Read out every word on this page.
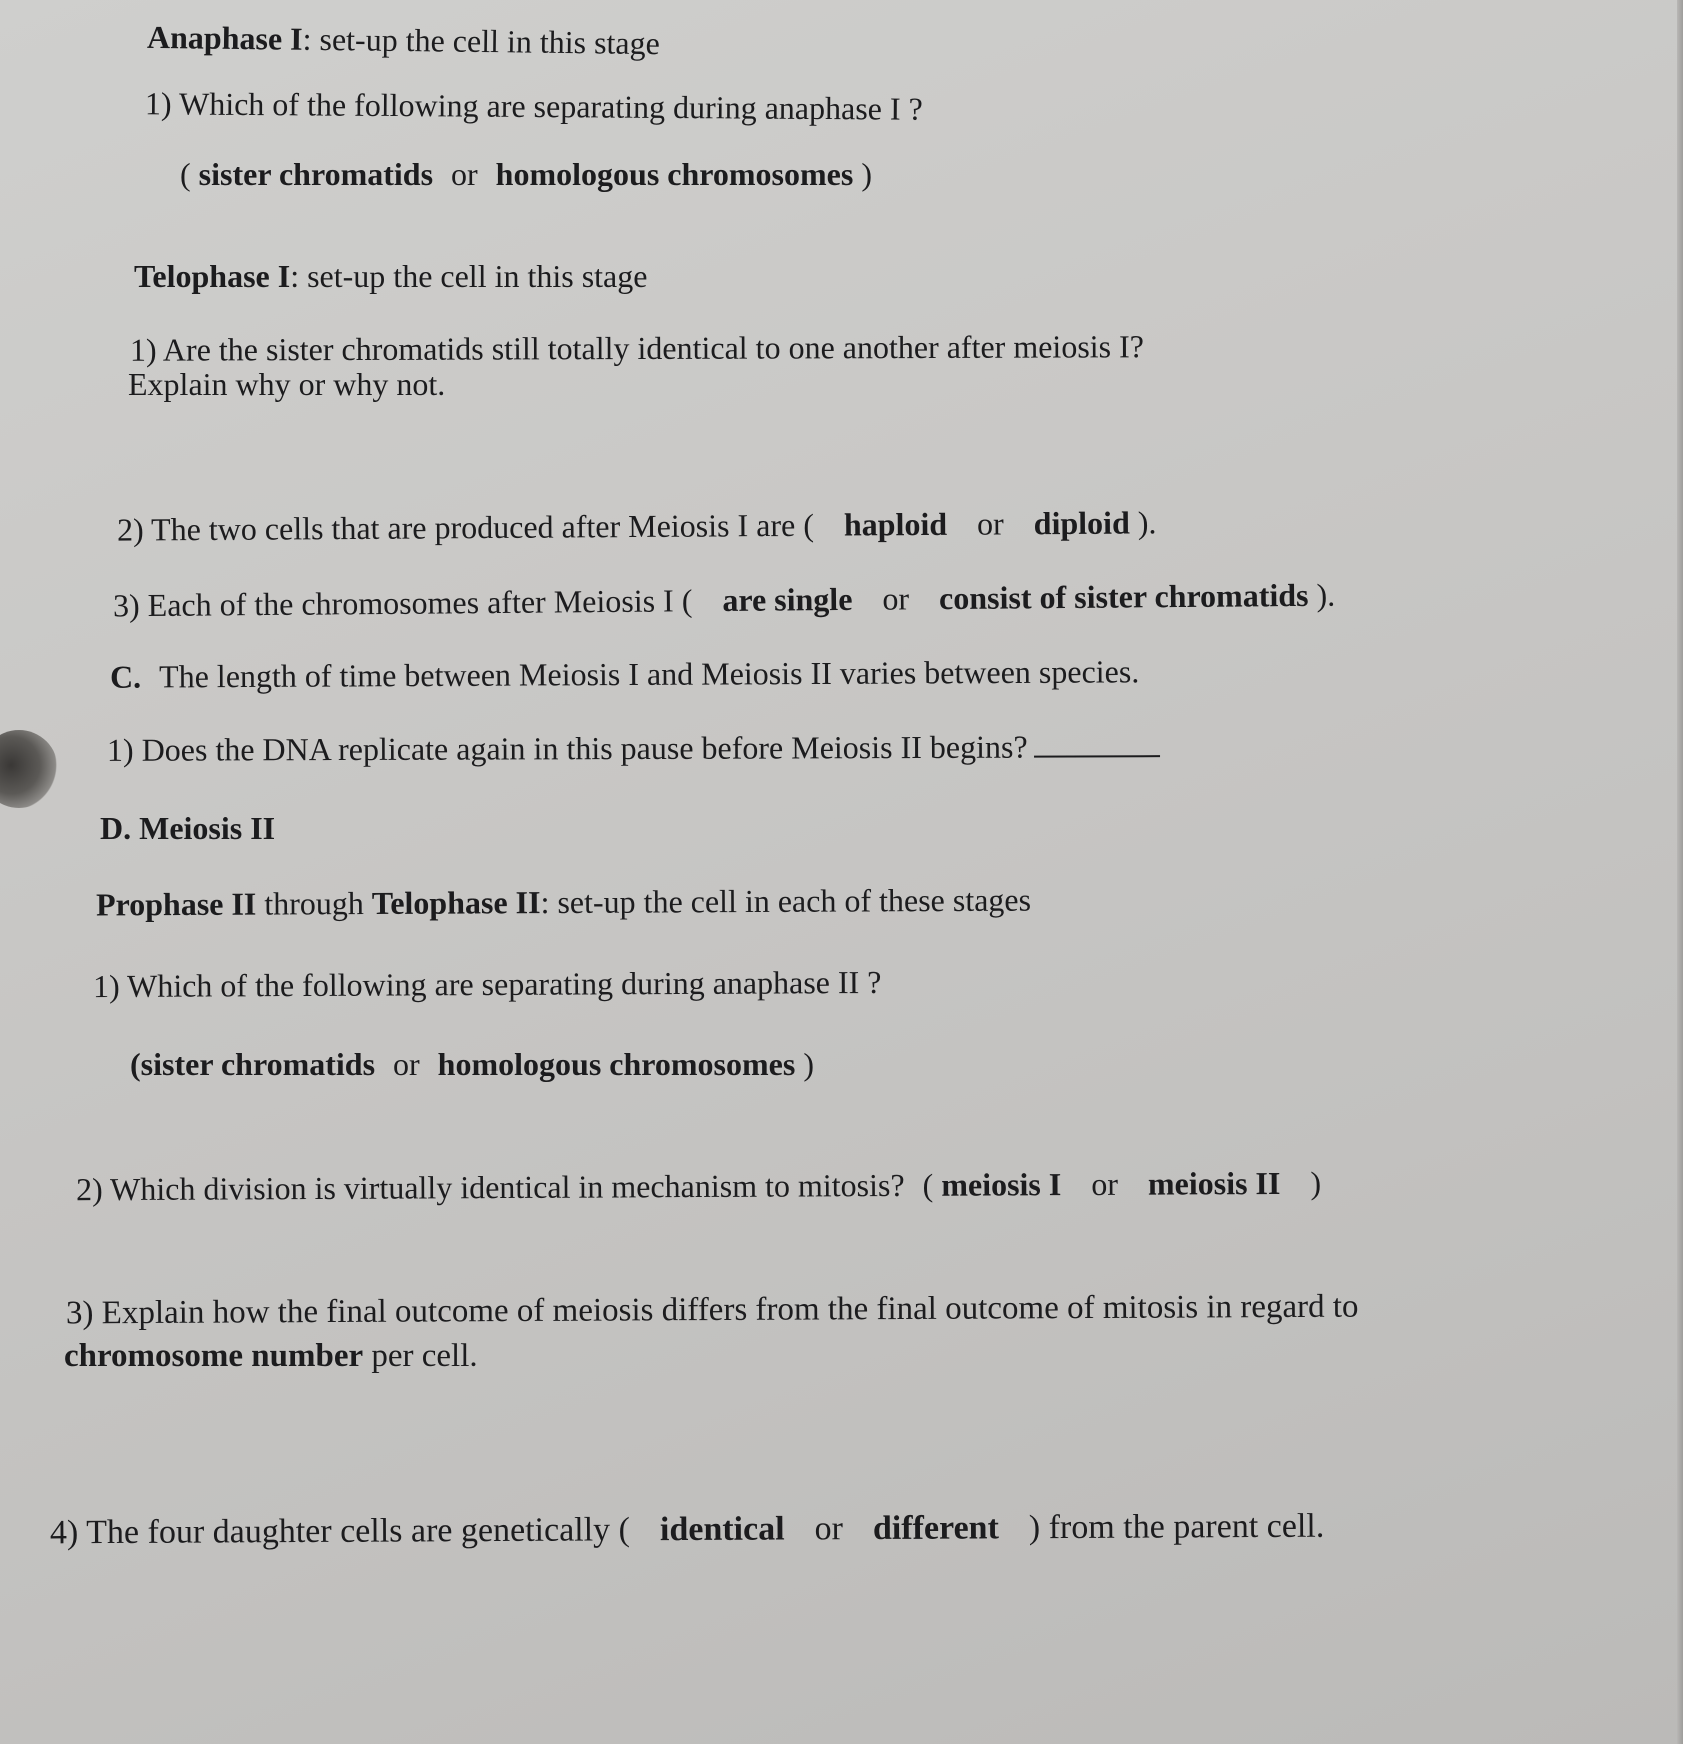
Anaphase I: set-up the cell in this stage
1) Which of the following are separating during anaphase I ?
( sister chromatids or homologous chromosomes )
Telophase I: set-up the cell in this stage
1) Are the sister chromatids still totally identical to one another after meiosis I?
Explain why or why not.
2) The two cells that are produced after Meiosis I are ( haploid or diploid ).
3) Each of the chromosomes after Meiosis I ( are single or consist of sister chromatids ).
C. The length of time between Meiosis I and Meiosis II varies between species.
1) Does the DNA replicate again in this pause before Meiosis II begins?
D. Meiosis II
Prophase II through Telophase II: set-up the cell in each of these stages
1) Which of the following are separating during anaphase II ?
(sister chromatids or homologous chromosomes )
2) Which division is virtually identical in mechanism to mitosis? ( meiosis I or meiosis II )
3) Explain how the final outcome of meiosis differs from the final outcome of mitosis in regard to
chromosome number per cell.
4) The four daughter cells are genetically ( identical or different ) from the parent cell.
